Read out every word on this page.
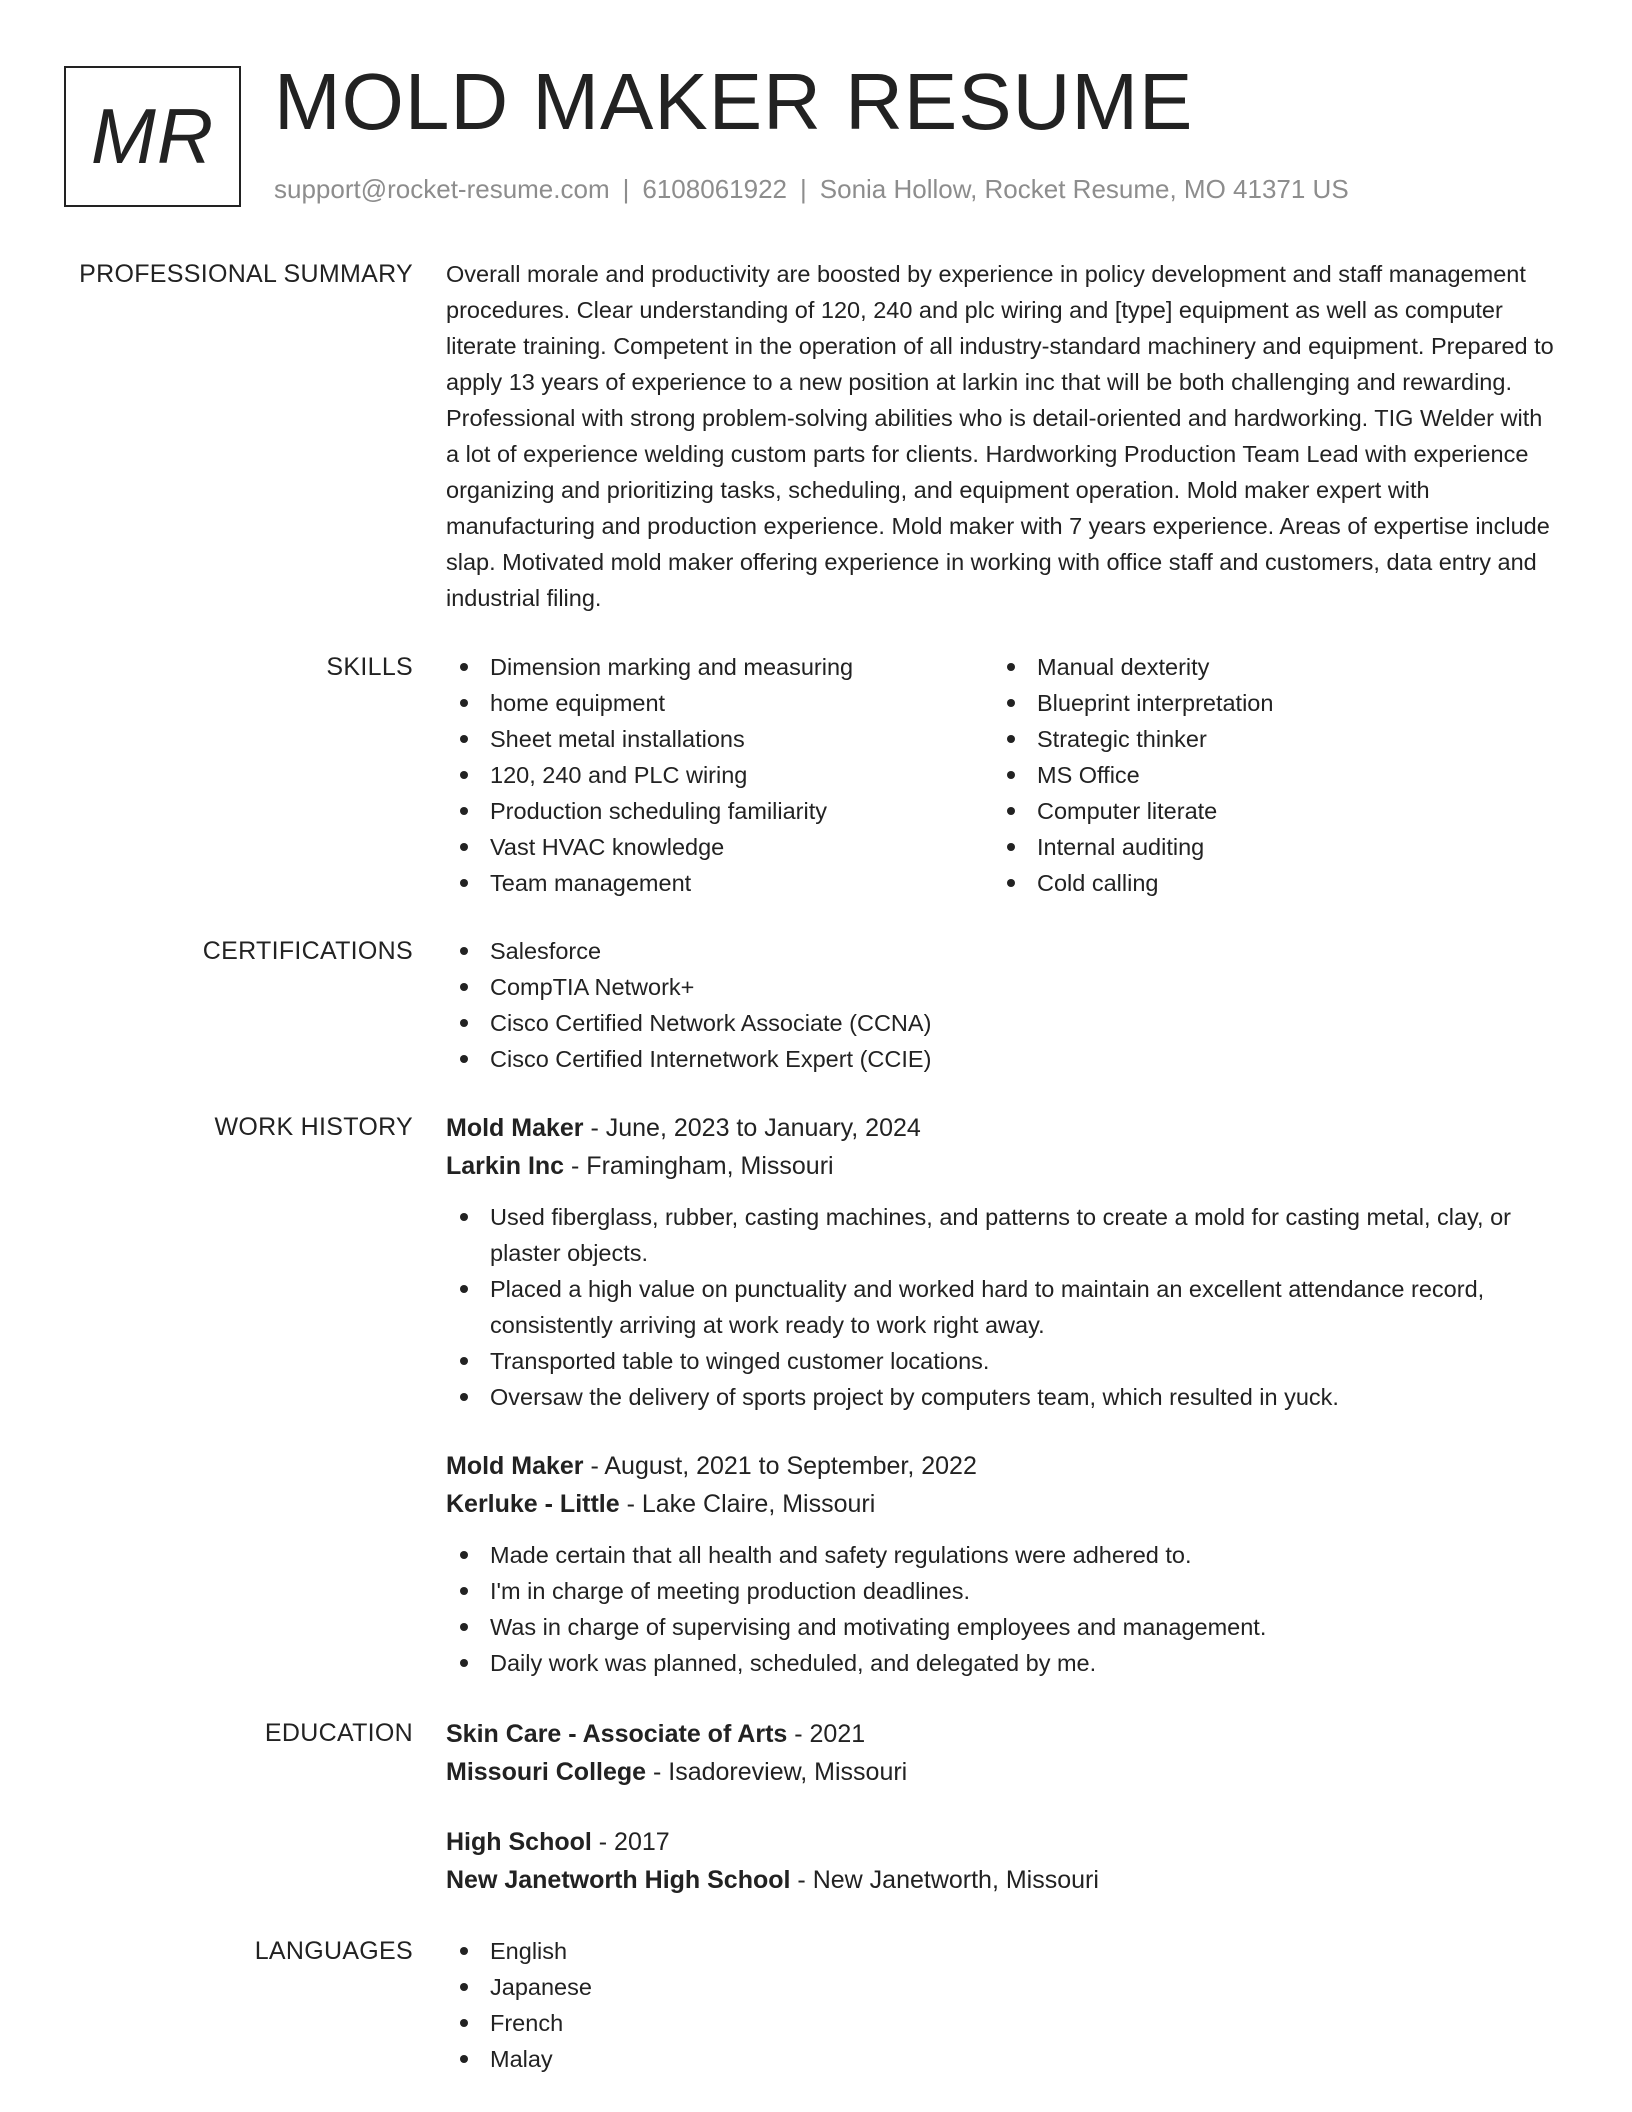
MR MOLD MAKER RESUME
support@rocket-resume.com | 6108061922 | Sonia Hollow, Rocket Resume, MO 41371 US
PROFESSIONAL SUMMARY Overall morale and productivity are boosted by experience in policy development and staff management procedures. Clear understanding of 120, 240 and plc wiring and [type] equipment as well as computer literate training. Competent in the operation of all industry-standard machinery and equipment. Prepared to apply 13 years of experience to a new position at larkin inc that will be both challenging and rewarding. Professional with strong problem-solving abilities who is detail-oriented and hardworking. TIG Welder with a lot of experience welding custom parts for clients. Hardworking Production Team Lead with experience organizing and prioritizing tasks, scheduling, and equipment operation. Mold maker expert with manufacturing and production experience. Mold maker with 7 years experience. Areas of expertise include slap. Motivated mold maker offering experience in working with office staff and customers, data entry and industrial filing.

SKILLS	Dimension marking and measuring
home equipment
Sheet metal installations
120, 240 and PLC wiring
Production scheduling familiarity
Vast HVAC knowledge
Team management
Manual dexterity
Blueprint interpretation
Strategic thinker
MS Office
Computer literate
Internal auditing
Cold calling
CERTIFICATIONS	Salesforce
CompTIA Network+
Cisco Certified Network Associate (CCNA)
Cisco Certified Internetwork Expert (CCIE)
WORK HISTORY Mold Maker - June, 2023 to January, 2024
Larkin Inc - Framingham, Missouri
Used fiberglass, rubber, casting machines, and patterns to create a mold for casting metal, clay, or plaster objects.
Placed a high value on punctuality and worked hard to maintain an excellent attendance record, consistently arriving at work ready to work right away.
Transported table to winged customer locations.
Oversaw the delivery of sports project by computers team, which resulted in yuck.
Mold Maker - August, 2021 to September, 2022
Kerluke - Little - Lake Claire, Missouri
Made certain that all health and safety regulations were adhered to.
I'm in charge of meeting production deadlines.
Was in charge of supervising and motivating employees and management.
Daily work was planned, scheduled, and delegated by me.
EDUCATION Skin Care - Associate of Arts - 2021
Missouri College - Isadoreview, Missouri
High School - 2017
New Janetworth High School - New Janetworth, Missouri
LANGUAGES	English
Japanese
French
Malay
